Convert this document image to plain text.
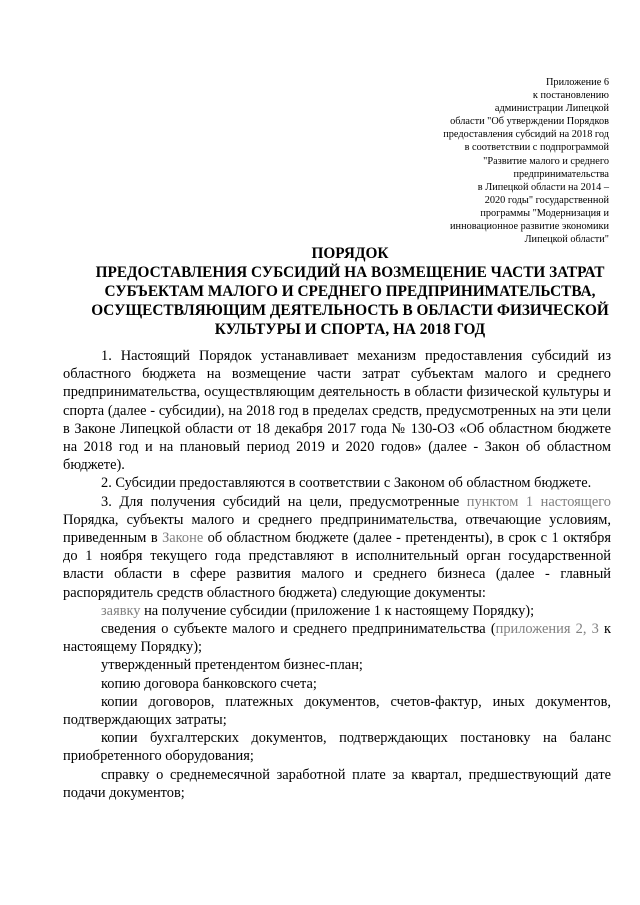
Приложение 6
к постановлению
администрации Липецкой
области "Об утверждении Порядков
предоставления субсидий на 2018 год
в соответствии с подпрограммой
"Развитие малого и среднего
предпринимательства
в Липецкой области на 2014 –
2020 годы" государственной
программы "Модернизация и
инновационное развитие экономики
Липецкой области"
ПОРЯДОК
ПРЕДОСТАВЛЕНИЯ СУБСИДИЙ НА ВОЗМЕЩЕНИЕ ЧАСТИ ЗАТРАТ
СУБЪЕКТАМ МАЛОГО И СРЕДНЕГО ПРЕДПРИНИМАТЕЛЬСТВА,
ОСУЩЕСТВЛЯЮЩИМ ДЕЯТЕЛЬНОСТЬ В ОБЛАСТИ ФИЗИЧЕСКОЙ
КУЛЬТУРЫ И СПОРТА, НА 2018 ГОД

1. Настоящий Порядок устанавливает механизм предоставления субсидий из областного бюджета на возмещение части затрат субъектам малого и среднего предпринимательства, осуществляющим деятельность в области физической культуры и спорта (далее - субсидии), на 2018 год в пределах средств, предусмотренных на эти цели в Законе Липецкой области от 18 декабря 2017 года № 130-ОЗ «Об областном бюджете на 2018 год и на плановый период 2019 и 2020 годов» (далее - Закон об областном бюджете).

2. Субсидии предоставляются в соответствии с Законом об областном бюджете.

3. Для получения субсидий на цели, предусмотренные пунктом 1 настоящего Порядка, субъекты малого и среднего предпринимательства, отвечающие условиям, приведенным в Законе об областном бюджете (далее - претенденты), в срок с 1 октября до 1 ноября текущего года представляют в исполнительный орган государственной власти области в сфере развития малого и среднего бизнеса (далее - главный распорядитель средств областного бюджета) следующие документы:

заявку на получение субсидии (приложение 1 к настоящему Порядку);

сведения о субъекте малого и среднего предпринимательства (приложения 2, 3 к настоящему Порядку);

утвержденный претендентом бизнес-план;

копию договора банковского счета;

копии договоров, платежных документов, счетов-фактур, иных документов, подтверждающих затраты;

копии бухгалтерских документов, подтверждающих постановку на баланс приобретенного оборудования;

справку о среднемесячной заработной плате за квартал, предшествующий дате подачи документов;
